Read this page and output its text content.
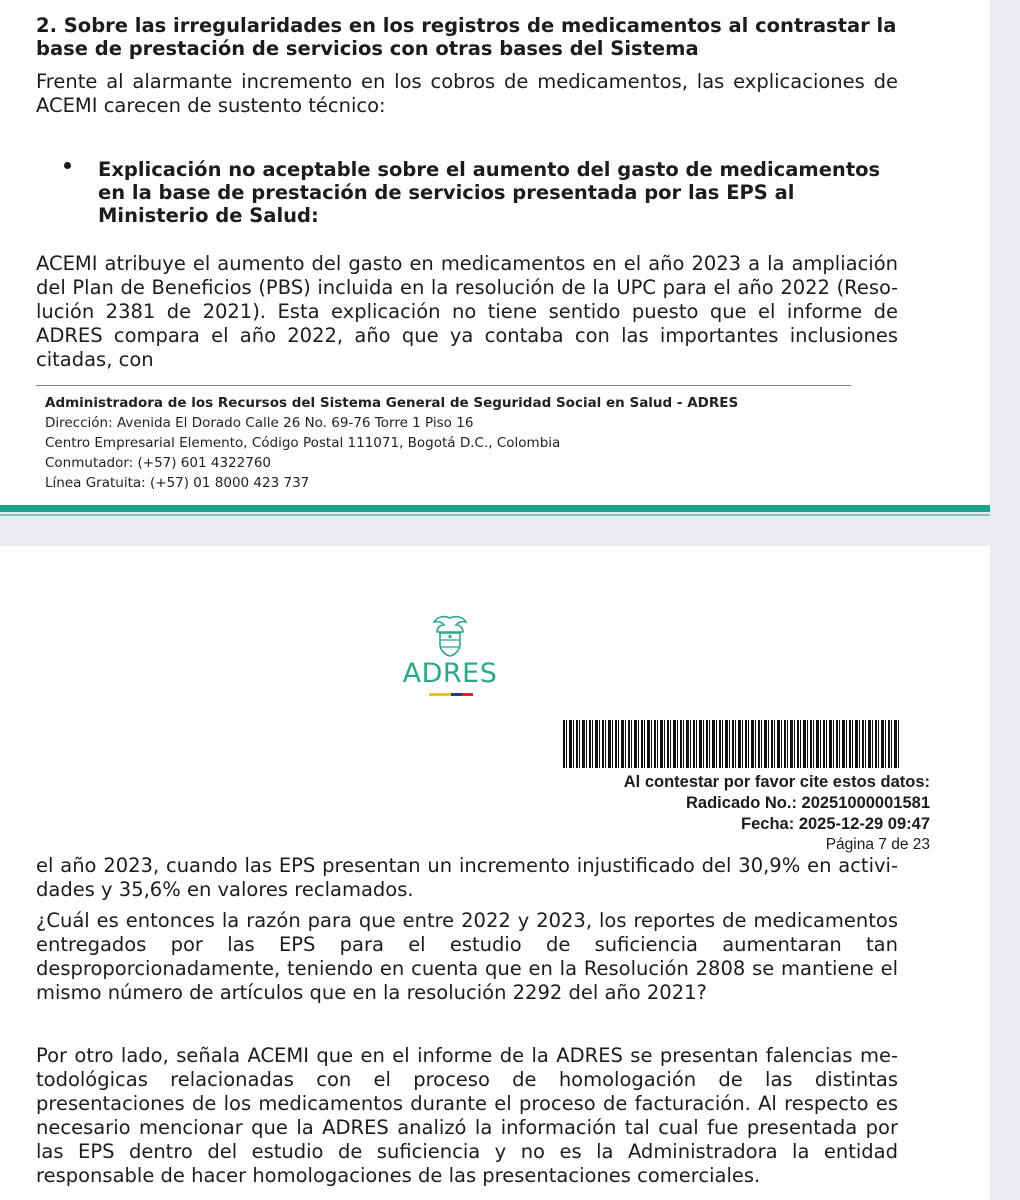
2. Sobre las irregularidades en los registros de medicamentos al contrastar la base de prestación de servicios con otras bases del Sistema

Frente al alarmante incremento en los cobros de medicamentos, las explicaciones de ACEMI carecen de sustento técnico:

Explicación no aceptable sobre el aumento del gasto de medicamentos en la base de prestación de servicios presentada por las EPS al Ministerio de Salud:

ACEMI atribuye el aumento del gasto en medicamentos en el año 2023 a la ampliación del Plan de Beneficios (PBS) incluida en la resolución de la UPC para el año 2022 (Resolución 2381 de 2021). Esta explicación no tiene sentido puesto que el informe de ADRES compara el año 2022, año que ya contaba con las importantes inclusiones citadas, con

Administradora de los Recursos del Sistema General de Seguridad Social en Salud - ADRES
Dirección: Avenida El Dorado Calle 26 No. 69-76 Torre 1 Piso 16
Centro Empresarial Elemento, Código Postal 111071, Bogotá D.C., Colombia
Conmutador: (+57) 601 4322760
Línea Gratuita: (+57) 01 8000 423 737
ADRES
Al contestar por favor cite estos datos:
Radicado No.: 20251000001581
Fecha: 2025-12-29 09:47
Página 7 de 23

el año 2023, cuando las EPS presentan un incremento injustificado del 30,9% en actividades y 35,6% en valores reclamados.

¿Cuál es entonces la razón para que entre 2022 y 2023, los reportes de medicamentos entregados por las EPS para el estudio de suficiencia aumentaran tan desproporcionadamente, teniendo en cuenta que en la Resolución 2808 se mantiene el mismo número de artículos que en la resolución 2292 del año 2021?

Por otro lado, señala ACEMI que en el informe de la ADRES se presentan falencias metodológicas relacionadas con el proceso de homologación de las distintas presentaciones de los medicamentos durante el proceso de facturación. Al respecto es necesario mencionar que la ADRES analizó la información tal cual fue presentada por las EPS dentro del estudio de suficiencia y no es la Administradora la entidad responsable de hacer homologaciones de las presentaciones comerciales.
